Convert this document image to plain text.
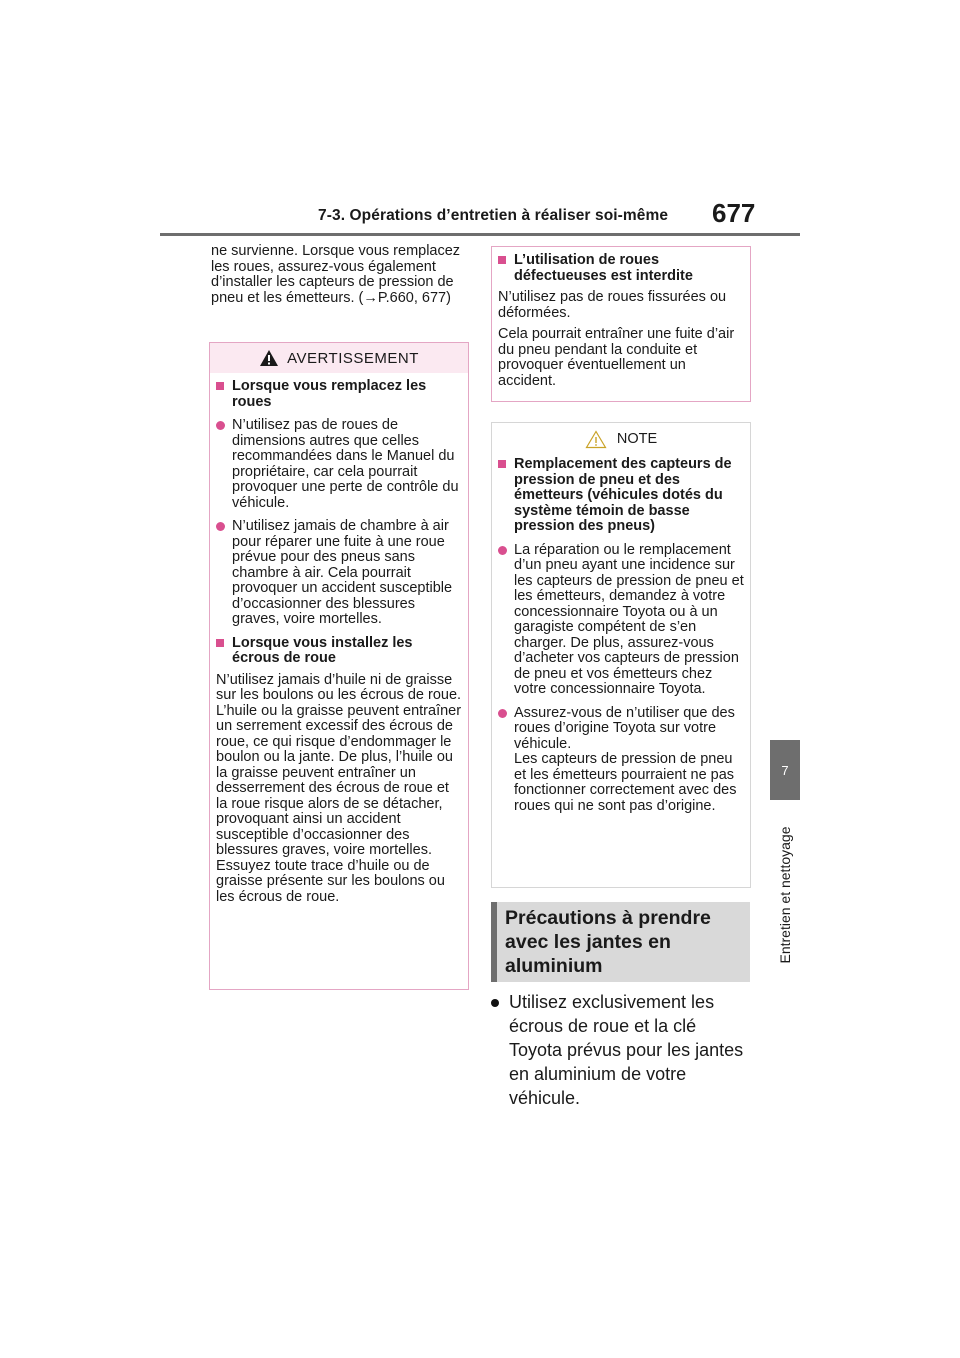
7-3. Opérations d’entretien à réaliser soi-même 677
7
Entretien et nettoyage
ne survienne. Lorsque vous remplacez les roues, assurez-vous également d’installer les capteurs de pression de pneu et les émetteurs. (→P.660, 677)
AVERTISSEMENT
Lorsque vous remplacez les roues
N’utilisez pas de roues de dimensions autres que celles recommandées dans le Manuel du propriétaire, car cela pourrait provoquer une perte de contrôle du véhicule.
N’utilisez jamais de chambre à air pour réparer une fuite à une roue prévue pour des pneus sans chambre à air. Cela pourrait provoquer un accident susceptible d’occasionner des blessures graves, voire mortelles.
Lorsque vous installez les écrous de roue
N’utilisez jamais d’huile ni de graisse sur les boulons ou les écrous de roue. L’huile ou la graisse peuvent entraîner un serrement excessif des écrous de roue, ce qui risque d’endommager le boulon ou la jante. De plus, l’huile ou la graisse peuvent entraîner un desserrement des écrous de roue et la roue risque alors de se détacher, provoquant ainsi un accident susceptible d’occasionner des blessures graves, voire mortelles. Essuyez toute trace d’huile ou de graisse présente sur les boulons ou les écrous de roue.
L’utilisation de roues défectueuses est interdite
N’utilisez pas de roues fissurées ou déformées.
Cela pourrait entraîner une fuite d’air du pneu pendant la conduite et provoquer éventuellement un accident.
NOTE
Remplacement des capteurs de pression de pneu et des émetteurs (véhicules dotés du système témoin de basse pression des pneus)
La réparation ou le remplacement d’un pneu ayant une incidence sur les capteurs de pression de pneu et les émetteurs, demandez à votre concessionnaire Toyota ou à un garagiste compétent de s’en charger. De plus, assurez-vous d’acheter vos capteurs de pression de pneu et vos émetteurs chez votre concessionnaire Toyota.
Assurez-vous de n’utiliser que des roues d’origine Toyota sur votre véhicule.
Les capteurs de pression de pneu et les émetteurs pourraient ne pas fonctionner correctement avec des roues qui ne sont pas d’origine.
Précautions à prendre avec les jantes en aluminium
Utilisez exclusivement les écrous de roue et la clé Toyota prévus pour les jantes en aluminium de votre véhicule.
